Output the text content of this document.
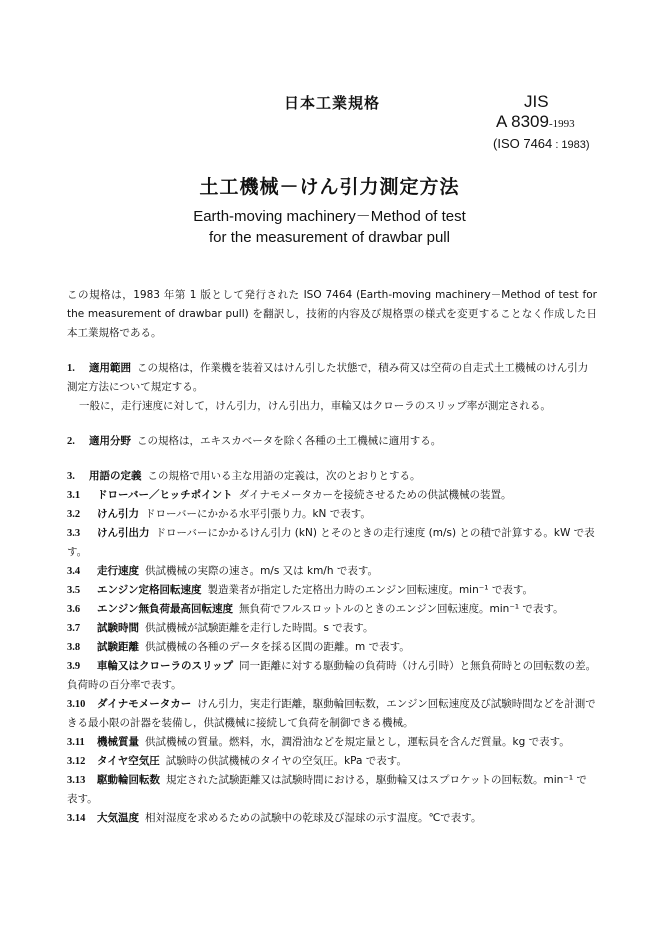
日本工業規格	JIS
A 8309-1993
(ISO 7464 : 1983)
土工機械－けん引力測定方法
Earth-moving machinery－Method of test
for the measurement of drawbar pull

この規格は，1983 年第 1 版として発行された ISO 7464 (Earth-moving machinery－Method of test for the measurement of drawbar pull) を翻訳し，技術的内容及び規格票の様式を変更することなく作成した日本工業規格である。

1. 適用範囲 この規格は，作業機を装着又はけん引した状態で，積み荷又は空荷の自走式土工機械のけん引力測定方法について規定する。

一般に，走行速度に対して，けん引力，けん引出力，車輪又はクローラのスリップ率が測定される。

2. 適用分野 この規格は，エキスカベータを除く各種の土工機械に適用する。

3. 用語の定義 この規格で用いる主な用語の定義は，次のとおりとする。

3.1 ドローバー／ヒッチポイント ダイナモメータカーを接続させるための供試機械の装置。

3.2 けん引力 ドローバーにかかる水平引張り力。kN で表す。

3.3 けん引出力 ドローバーにかかるけん引力 (kN) とそのときの走行速度 (m/s) との積で計算する。kW で表す。

3.4 走行速度 供試機械の実際の速さ。m/s 又は km/h で表す。

3.5 エンジン定格回転速度 製造業者が指定した定格出力時のエンジン回転速度。min⁻¹ で表す。

3.6 エンジン無負荷最高回転速度 無負荷でフルスロットルのときのエンジン回転速度。min⁻¹ で表す。

3.7 試験時間 供試機械が試験距離を走行した時間。s で表す。

3.8 試験距離 供試機械の各種のデータを採る区間の距離。m で表す。

3.9 車輪又はクローラのスリップ 同一距離に対する駆動輪の負荷時（けん引時）と無負荷時との回転数の差。負荷時の百分率で表す。

3.10 ダイナモメータカー けん引力，実走行距離，駆動輪回転数，エンジン回転速度及び試験時間などを計測できる最小限の計器を装備し，供試機械に接続して負荷を制御できる機械。

3.11 機械質量 供試機械の質量。燃料，水，潤滑油などを規定量とし，運転員を含んだ質量。kg で表す。

3.12 タイヤ空気圧 試験時の供試機械のタイヤの空気圧。kPa で表す。

3.13 駆動輪回転数 規定された試験距離又は試験時間における，駆動輪又はスプロケットの回転数。min⁻¹ で表す。

3.14 大気温度 相対湿度を求めるための試験中の乾球及び湿球の示す温度。℃で表す。
